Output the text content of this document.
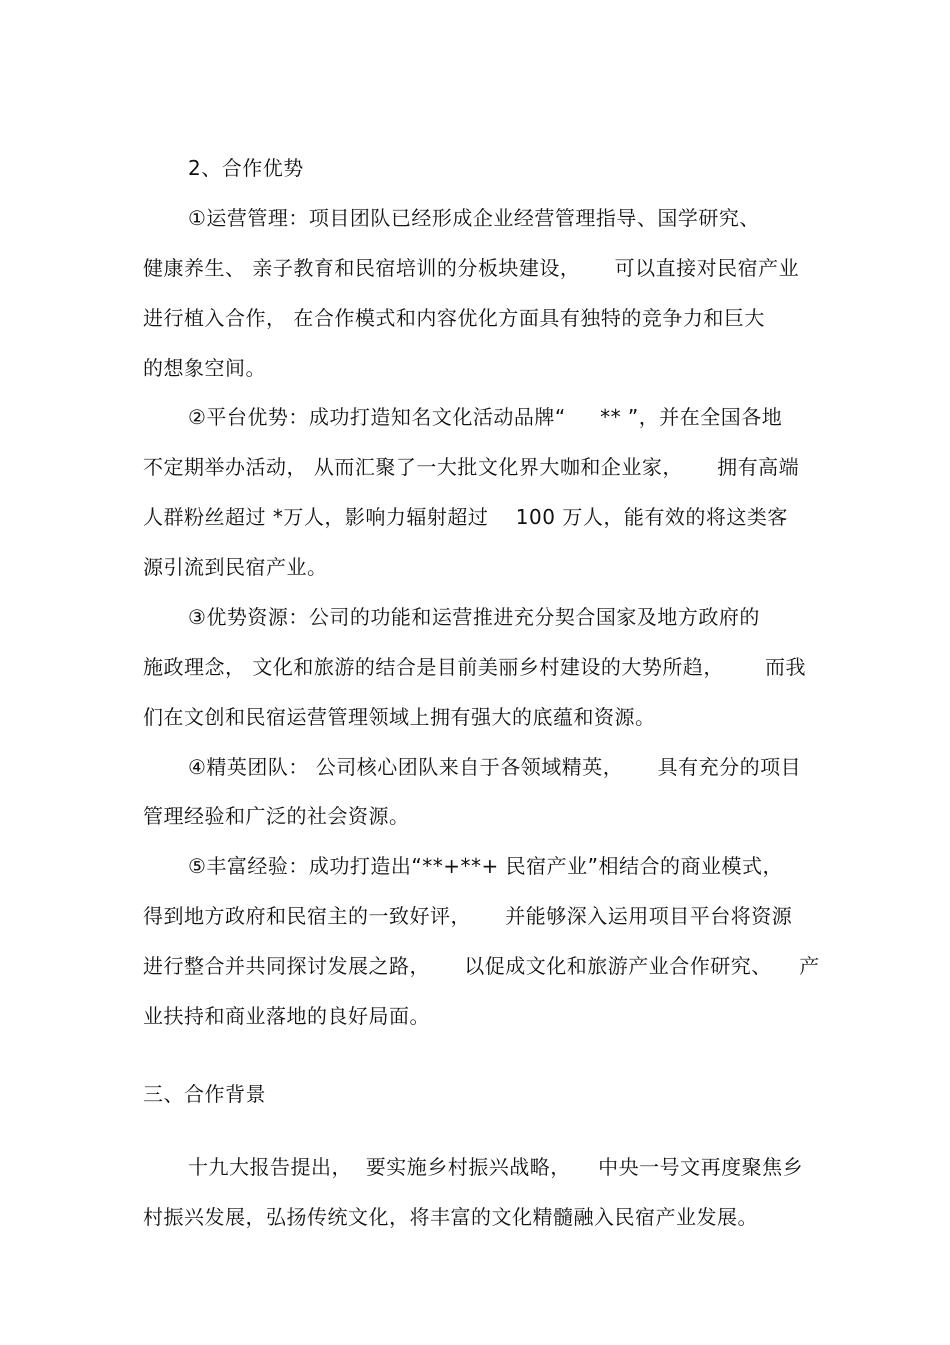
2、合作优势
①运营管理：项目团队已经形成企业经营管理指导、国学研究、
健康养生、 亲子教育和民宿培训的分板块建设，     可以直接对民宿产业
进行植入合作， 在合作模式和内容优化方面具有独特的竞争力和巨大
的想象空间。
②平台优势：成功打造知名文化活动品牌“     ** ”，并在全国各地
不定期举办活动， 从而汇聚了一大批文化界大咖和企业家，     拥有高端
人群粉丝超过 *万人，影响力辐射超过    100 万人，能有效的将这类客
源引流到民宿产业。
③优势资源：公司的功能和运营推进充分契合国家及地方政府的
施政理念， 文化和旅游的结合是目前美丽乡村建设的大势所趋，      而我
们在文创和民宿运营管理领域上拥有强大的底蕴和资源。
④精英团队： 公司核心团队来自于各领域精英，     具有充分的项目
管理经验和广泛的社会资源。
⑤丰富经验：成功打造出“**+**+ 民宿产业”相结合的商业模式，
得到地方政府和民宿主的一致好评，     并能够深入运用项目平台将资源
进行整合并共同探讨发展之路，     以促成文化和旅游产业合作研究、    产
业扶持和商业落地的良好局面。
三、合作背景
十九大报告提出，  要实施乡村振兴战略，    中央一号文再度聚焦乡
村振兴发展，弘扬传统文化，将丰富的文化精髓融入民宿产业发展。
